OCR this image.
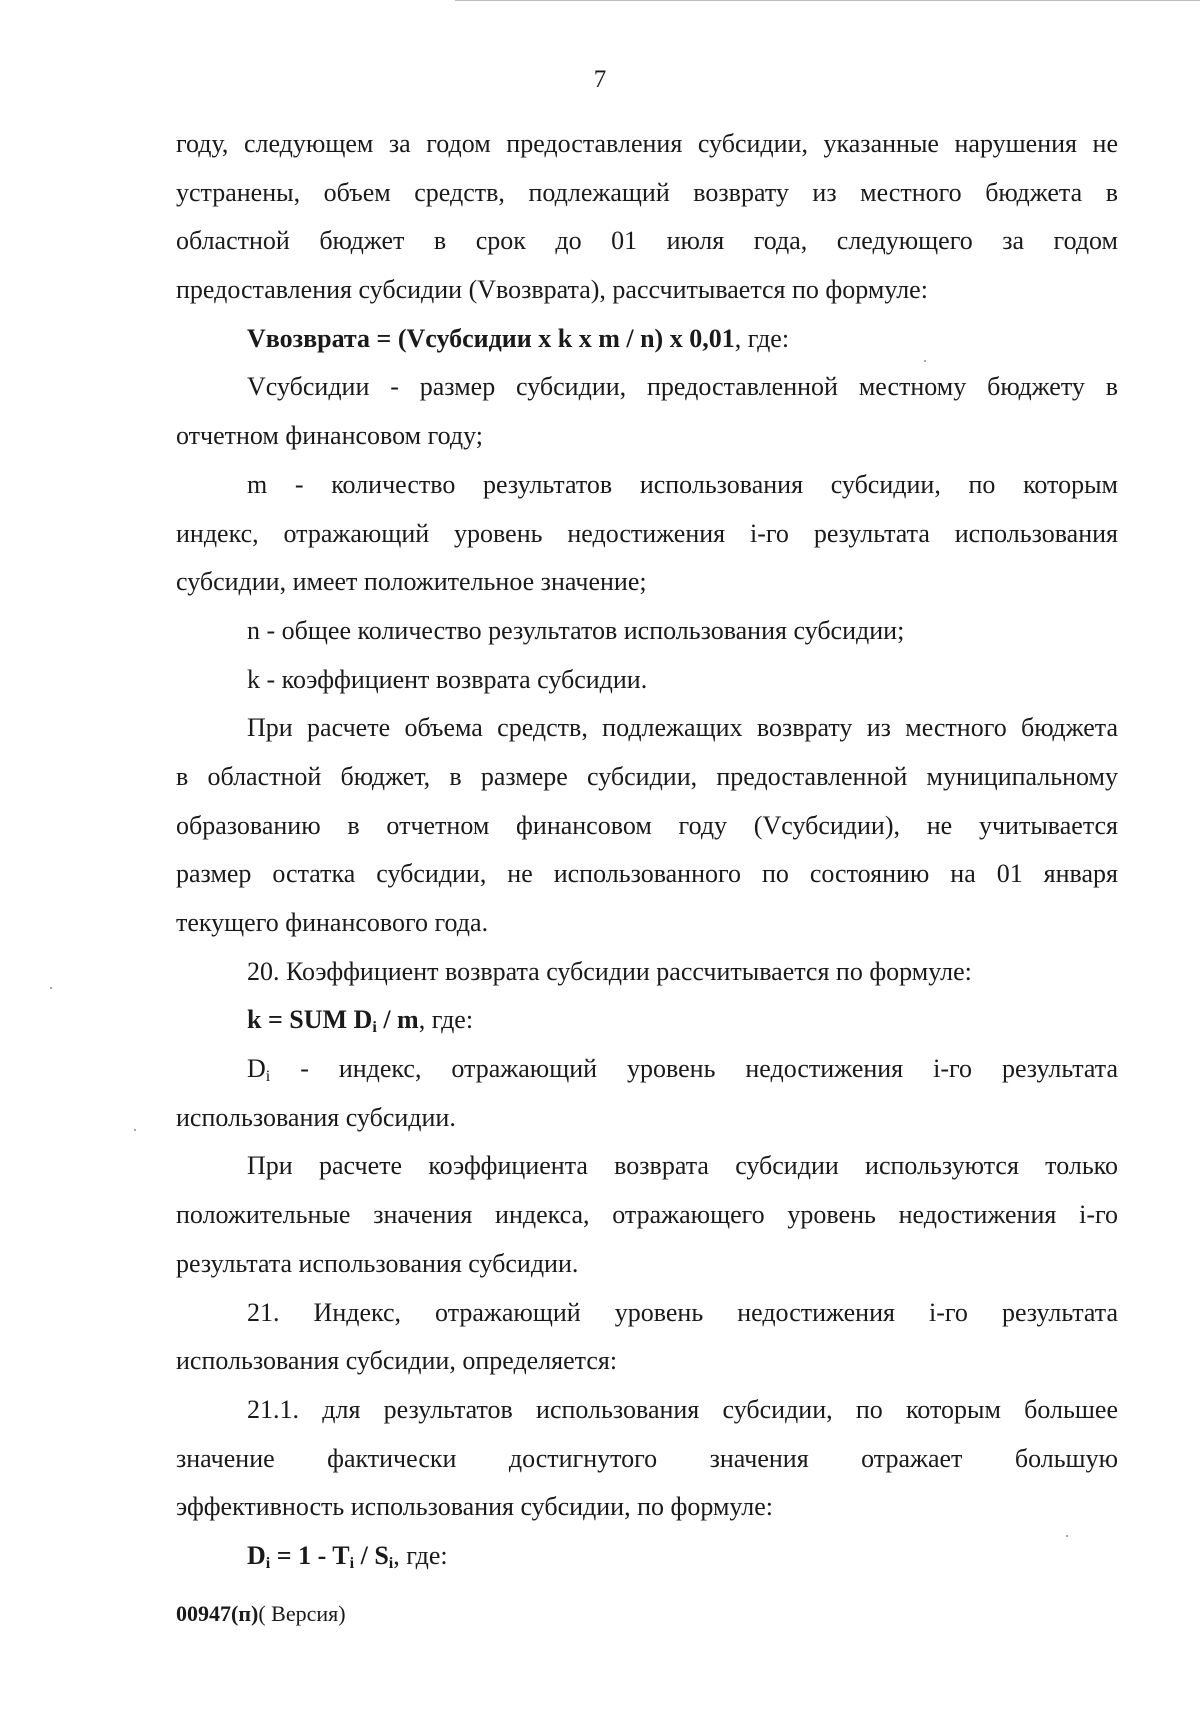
7
году, следующем за годом предоставления субсидии, указанные нарушения не
устранены, объем средств, подлежащий возврату из местного бюджета в
областной бюджет в срок до 01 июля года, следующего за годом
предоставления субсидии (Vвозврата), рассчитывается по формуле:
Vвозврата = (Vсубсидии x k x m / n) x 0,01, где:
Vсубсидии - размер субсидии, предоставленной местному бюджету в
отчетном финансовом году;
m - количество результатов использования субсидии, по которым
индекс, отражающий уровень недостижения i-го результата использования
субсидии, имеет положительное значение;
n - общее количество результатов использования субсидии;
k - коэффициент возврата субсидии.
При расчете объема средств, подлежащих возврату из местного бюджета
в областной бюджет, в размере субсидии, предоставленной муниципальному
образованию в отчетном финансовом году (Vсубсидии), не учитывается
размер остатка субсидии, не использованного по состоянию на 01 января
текущего финансового года.
20. Коэффициент возврата субсидии рассчитывается по формуле:
k = SUM $D_i$ / m, где:
$D_i$ - индекс, отражающий уровень недостижения i-го результата
использования субсидии.
При расчете коэффициента возврата субсидии используются только
положительные значения индекса, отражающего уровень недостижения i-го
результата использования субсидии.
21. Индекс, отражающий уровень недостижения i-го результата
использования субсидии, определяется:
21.1. для результатов использования субсидии, по которым большее
значение фактически достигнутого значения отражает большую
эффективность использования субсидии, по формуле:
$D_i = 1 - T_i / S_i$, где:
00947(п)( Версия)
